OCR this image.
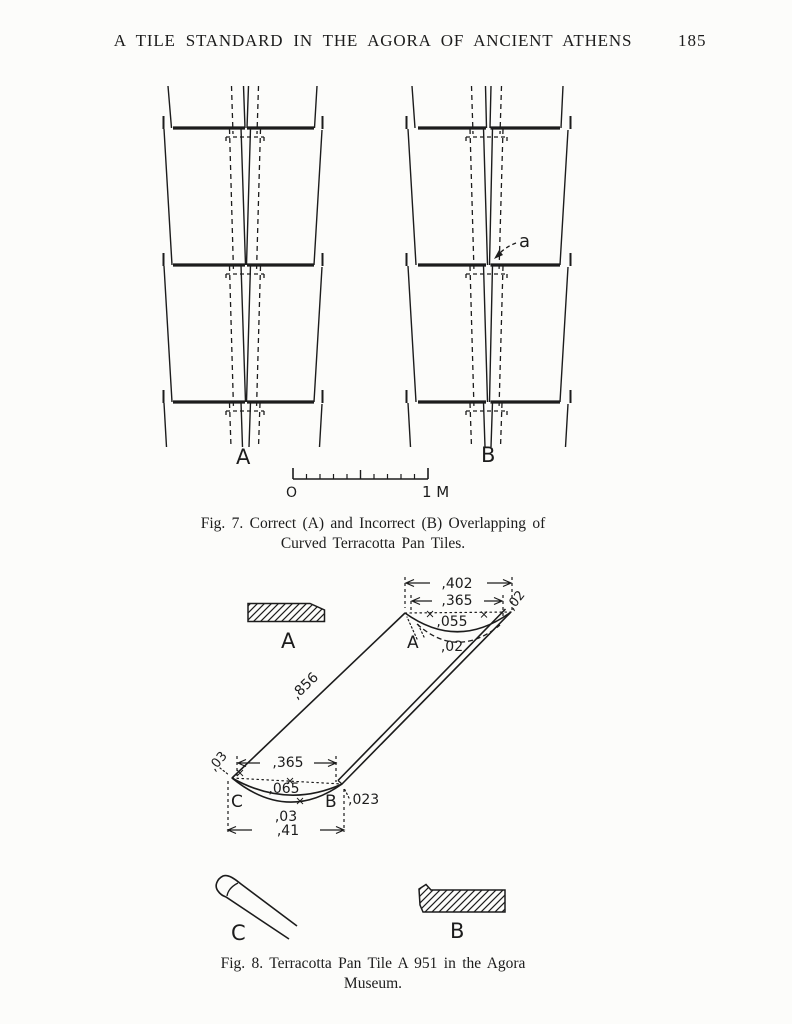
A TILE STANDARD IN THE AGORA OF ANCIENT ATHENS	185
a
A	B
O	1 M
A
,402
,365 ,02
,055
,02
A
,856
,03	,365
,065
C	B ,023
,03
,41
C	B
Fig. 7. Correct (A) and Incorrect (B) Overlapping of
Curved Terracotta Pan Tiles.
Fig. 8. Terracotta Pan Tile A 951 in the Agora
Museum.
